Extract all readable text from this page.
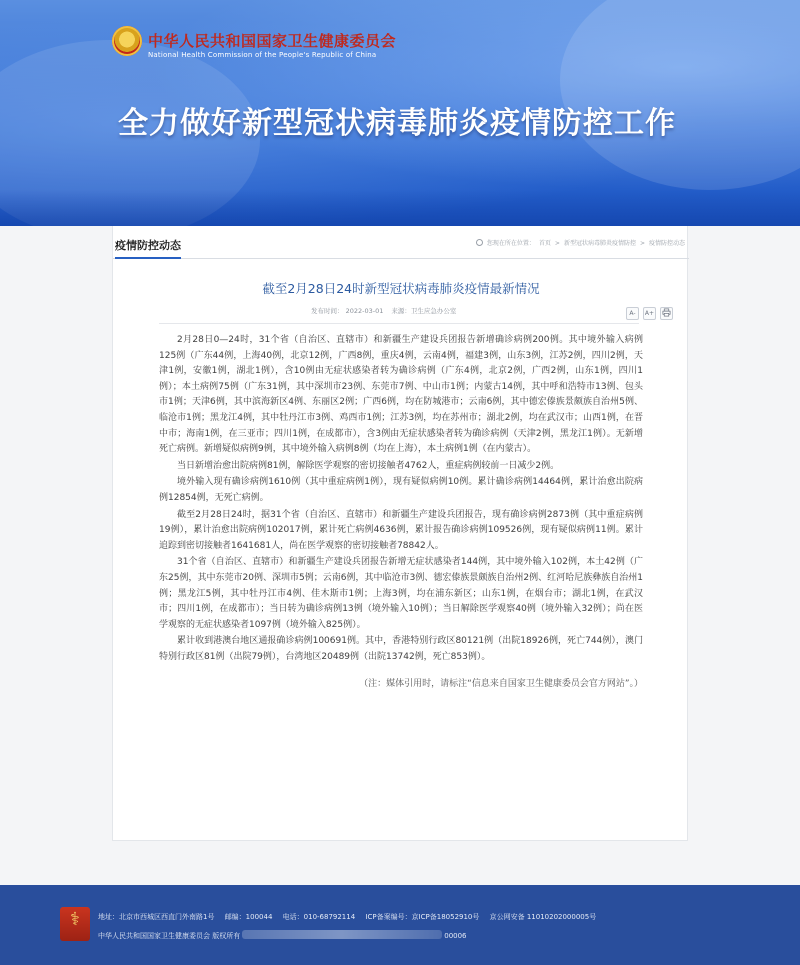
中华人民共和国国家卫生健康委员会
National Health Commission of the People's Republic of China
全力做好新型冠状病毒肺炎疫情防控工作
疫情防控动态	您现在所在位置： 首页 > 新型冠状病毒肺炎疫情防控 > 疫情防控动态
截至2月28日24时新型冠状病毒肺炎疫情最新情况
发布时间： 2022-03-01 来源：卫生应急办公室	A-	A+

2月28日0—24时，31个省（自治区、直辖市）和新疆生产建设兵团报告新增确诊病例200例。其中境外输入病例125例（广东44例，上海40例，北京12例，广西8例，重庆4例，云南4例，福建3例，山东3例，江苏2例，四川2例，天津1例，安徽1例，湖北1例），含10例由无症状感染者转为确诊病例（广东4例，北京2例，广西2例，山东1例，四川1例）；本土病例75例（广东31例，其中深圳市23例、东莞市7例、中山市1例；内蒙古14例，其中呼和浩特市13例、包头市1例；天津6例，其中滨海新区4例、东丽区2例；广西6例，均在防城港市；云南6例，其中德宏傣族景颇族自治州5例、临沧市1例；黑龙江4例，其中牡丹江市3例、鸡西市1例；江苏3例，均在苏州市；湖北2例，均在武汉市；山西1例，在晋中市；海南1例，在三亚市；四川1例，在成都市），含3例由无症状感染者转为确诊病例（天津2例，黑龙江1例）。无新增死亡病例。新增疑似病例9例，其中境外输入病例8例（均在上海），本土病例1例（在内蒙古）。

当日新增治愈出院病例81例，解除医学观察的密切接触者4762人，重症病例较前一日减少2例。

境外输入现有确诊病例1610例（其中重症病例1例），现有疑似病例10例。累计确诊病例14464例，累计治愈出院病例12854例，无死亡病例。

截至2月28日24时，据31个省（自治区、直辖市）和新疆生产建设兵团报告，现有确诊病例2873例（其中重症病例19例），累计治愈出院病例102017例，累计死亡病例4636例，累计报告确诊病例109526例，现有疑似病例11例。累计追踪到密切接触者1641681人，尚在医学观察的密切接触者78842人。

31个省（自治区、直辖市）和新疆生产建设兵团报告新增无症状感染者144例，其中境外输入102例，本土42例（广东25例，其中东莞市20例、深圳市5例；云南6例，其中临沧市3例、德宏傣族景颇族自治州2例、红河哈尼族彝族自治州1例；黑龙江5例，其中牡丹江市4例、佳木斯市1例；上海3例，均在浦东新区；山东1例，在烟台市；湖北1例，在武汉市；四川1例，在成都市）；当日转为确诊病例13例（境外输入10例）；当日解除医学观察40例（境外输入32例）；尚在医学观察的无症状感染者1097例（境外输入825例）。

累计收到港澳台地区通报确诊病例100691例。其中，香港特别行政区80121例（出院18926例，死亡744例），澳门特别行政区81例（出院79例），台湾地区20489例（出院13742例，死亡853例）。

（注：媒体引用时，请标注“信息来自国家卫生健康委员会官方网站”。）

⚕
地址：北京市西城区西直门外南路1号 邮编：100044 电话：010-68792114 ICP备案编号：京ICP备18052910号 京公网安备 11010202000005号
中华人民共和国国家卫生健康委员会 版权所有	00006
